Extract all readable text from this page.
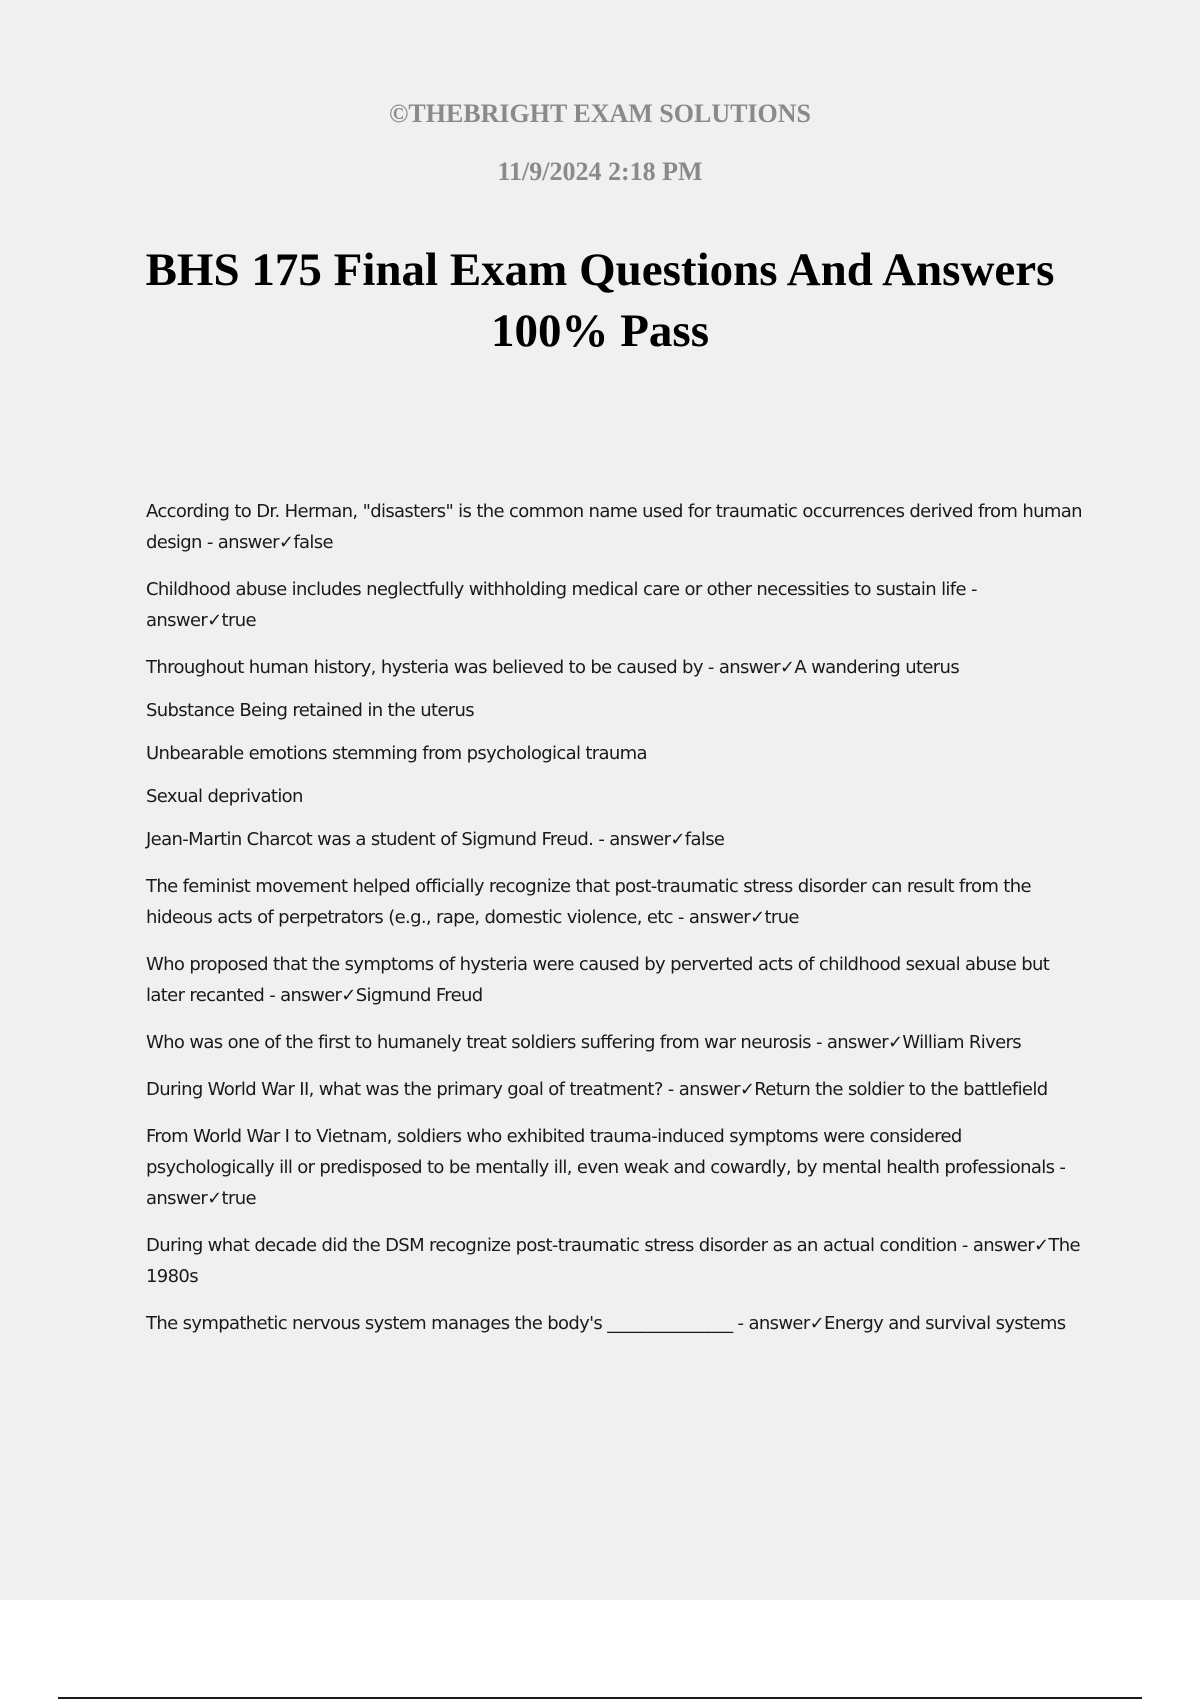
©THEBRIGHT EXAM SOLUTIONS
11/9/2024 2:18 PM
BHS 175 Final Exam Questions And Answers 100% Pass
According to Dr. Herman, "disasters" is the common name used for traumatic occurrences derived from human design - answer✓false
Childhood abuse includes neglectfully withholding medical care or other necessities to sustain life - answer✓true
Throughout human history, hysteria was believed to be caused by - answer✓A wandering uterus
Substance Being retained in the uterus
Unbearable emotions stemming from psychological trauma
Sexual deprivation
Jean-Martin Charcot was a student of Sigmund Freud. - answer✓false
The feminist movement helped officially recognize that post-traumatic stress disorder can result from the hideous acts of perpetrators (e.g., rape, domestic violence, etc - answer✓true
Who proposed that the symptoms of hysteria were caused by perverted acts of childhood sexual abuse but later recanted - answer✓Sigmund Freud
Who was one of the first to humanely treat soldiers suffering from war neurosis - answer✓William Rivers
During World War II, what was the primary goal of treatment? - answer✓Return the soldier to the battlefield
From World War I to Vietnam, soldiers who exhibited trauma-induced symptoms were considered psychologically ill or predisposed to be mentally ill, even weak and cowardly, by mental health professionals - answer✓true
During what decade did the DSM recognize post-traumatic stress disorder as an actual condition - answer✓The 1980s
The sympathetic nervous system manages the body's _______________ - answer✓Energy and survival systems
